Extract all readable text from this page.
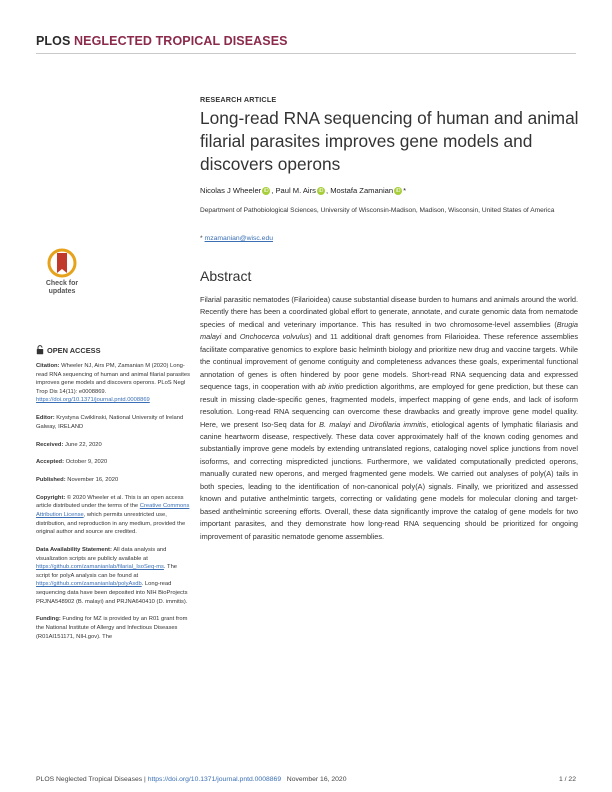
PLOS NEGLECTED TROPICAL DISEASES
RESEARCH ARTICLE
Long-read RNA sequencing of human and animal filarial parasites improves gene models and discovers operons
Nicolas J Wheeler iD , Paul M. Airs iD , Mostafa Zamanian iD *
Department of Pathobiological Sciences, University of Wisconsin-Madison, Madison, Wisconsin, United States of America
* mzamanian@wisc.edu
Check for
updates
Abstract

Filarial parasitic nematodes (Filarioidea) cause substantial disease burden to humans and animals around the world. Recently there has been a coordinated global effort to generate, annotate, and curate genomic data from nematode species of medical and veterinary importance. This has resulted in two chromosome-level assemblies (Brugia malayi and Onchocerca volvulus) and 11 additional draft genomes from Filarioidea. These reference assemblies facilitate comparative genomics to explore basic helminth biology and prioritize new drug and vaccine targets. While the continual improvement of genome contiguity and completeness advances these goals, experimental functional annotation of genes is often hindered by poor gene models. Short-read RNA sequencing data and expressed sequence tags, in cooperation with ab initio prediction algorithms, are employed for gene prediction, but these can result in missing clade-specific genes, fragmented models, imperfect mapping of gene ends, and lack of isoform resolution. Long-read RNA sequencing can overcome these drawbacks and greatly improve gene model quality. Here, we present Iso-Seq data for B. malayi and Dirofilaria immitis, etiological agents of lymphatic filariasis and canine heartworm disease, respectively. These data cover approximately half of the known coding genomes and substantially improve gene models by extending untranslated regions, cataloging novel splice junctions from novel isoforms, and correcting mispredicted junctions. Furthermore, we validated computationally predicted operons, manually curated new operons, and merged fragmented gene models. We carried out analyses of poly(A) tails in both species, leading to the identification of non-canonical poly(A) signals. Finally, we prioritized and assessed known and putative anthelmintic targets, correcting or validating gene models for molecular cloning and target-based anthelmintic screening efforts. Overall, these data significantly improve the catalog of gene models for two important parasites, and they demonstrate how long-read RNA sequencing should be prioritized for ongoing improvement of parasitic nematode genome assemblies.

OPEN ACCESS

Citation: Wheeler NJ, Airs PM, Zamanian M (2020) Long-read RNA sequencing of human and animal filarial parasites improves gene models and discovers operons. PLoS Negl Trop Dis 14(11): e0008869. https://doi.org/10.1371/journal.pntd.0008869

Editor: Krystyna Cwiklinski, National University of Ireland Galway, IRELAND

Received: June 22, 2020

Accepted: October 9, 2020

Published: November 16, 2020

Copyright: © 2020 Wheeler et al. This is an open access article distributed under the terms of the Creative Commons Attribution License, which permits unrestricted use, distribution, and reproduction in any medium, provided the original author and source are credited.

Data Availability Statement: All data analysis and visualization scripts are publicly available at https://github.com/zamanianlab/filarial_IsoSeq-ms. The script for polyA analysis can be found at https://github.com/zamanianlab/polyAsdb. Long-read sequencing data have been deposited into NIH BioProjects PRJNA548902 (B. malayi) and PRJNA640410 (D. immitis).

Funding: Funding for MZ is provided by an R01 grant from the National Institute of Allergy and Infectious Diseases (R01AI151171, NIH.gov). The

PLOS Neglected Tropical Diseases | https://doi.org/10.1371/journal.pntd.0008869 November 16, 2020	1 / 22
